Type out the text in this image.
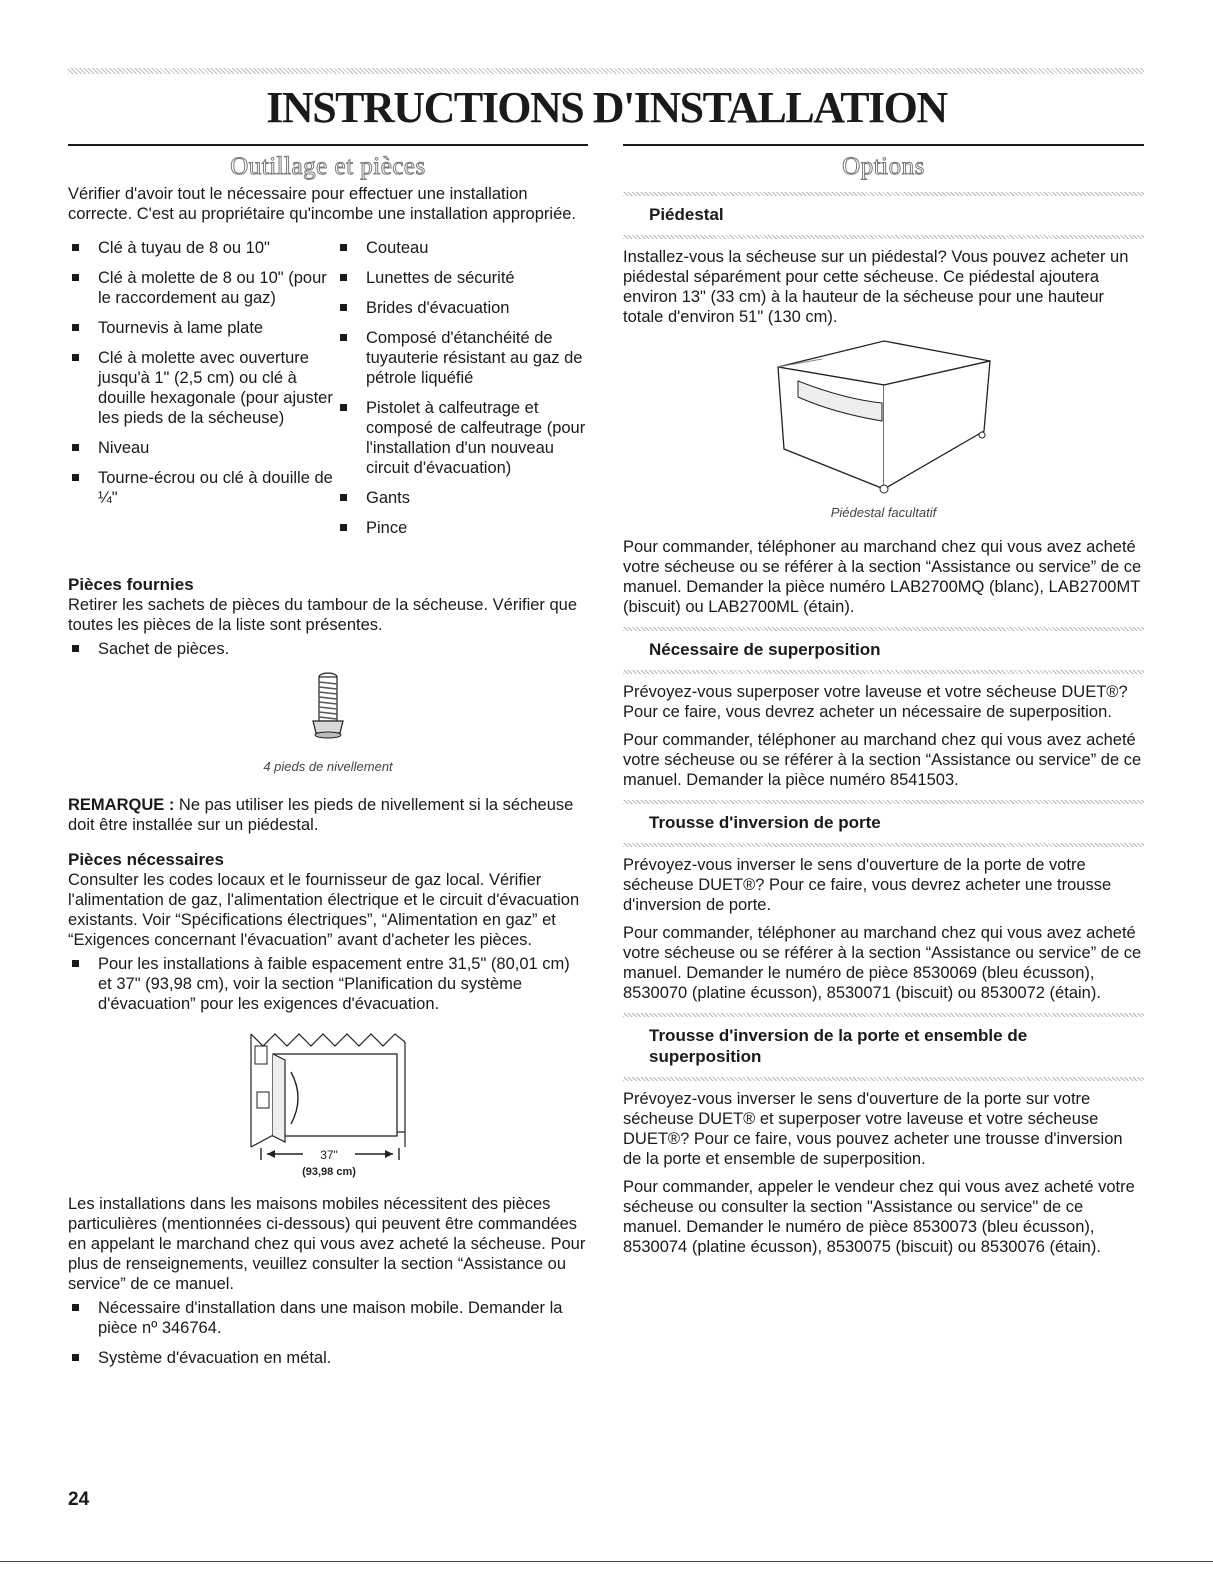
INSTRUCTIONS D'INSTALLATION
Outillage et pièces

Vérifier d'avoir tout le nécessaire pour effectuer une installation correcte. C'est au propriétaire qu'incombe une installation appropriée.

Clé à tuyau de 8 ou 10"
Clé à molette de 8 ou 10" (pour le raccordement au gaz)
Tournevis à lame plate
Clé à molette avec ouverture jusqu'à 1" (2,5 cm) ou clé à douille hexagonale (pour ajuster les pieds de la sécheuse)
Niveau
Tourne-écrou ou clé à douille de ¼"
Couteau
Lunettes de sécurité
Brides d'évacuation
Composé d'étanchéité de tuyauterie résistant au gaz de pétrole liquéfié
Pistolet à calfeutrage et composé de calfeutrage (pour l'installation d'un nouveau circuit d'évacuation)
Gants
Pince
Pièces fournies

Retirer les sachets de pièces du tambour de la sécheuse. Vérifier que toutes les pièces de la liste sont présentes.

Sachet de pièces.

4 pieds de nivellement

REMARQUE : Ne pas utiliser les pieds de nivellement si la sécheuse doit être installée sur un piédestal.

Pièces nécessaires

Consulter les codes locaux et le fournisseur de gaz local. Vérifier l'alimentation de gaz, l'alimentation électrique et le circuit d'évacuation existants. Voir “Spécifications électriques”, “Alimentation en gaz” et “Exigences concernant l'évacuation” avant d'acheter les pièces.

Pour les installations à faible espacement entre 31,5" (80,01 cm) et 37" (93,98 cm), voir la section “Planification du système d'évacuation” pour les exigences d'évacuation.
37"
(93,98 cm)

Les installations dans les maisons mobiles nécessitent des pièces particulières (mentionnées ci-dessous) qui peuvent être commandées en appelant le marchand chez qui vous avez acheté la sécheuse. Pour plus de renseignements, veuillez consulter la section “Assistance ou service” de ce manuel.

Nécessaire d'installation dans une maison mobile. Demander la pièce nº 346764.
Système d'évacuation en métal.
Options
Piédestal

Installez-vous la sécheuse sur un piédestal? Vous pouvez acheter un piédestal séparément pour cette sécheuse. Ce piédestal ajoutera environ 13" (33 cm) à la hauteur de la sécheuse pour une hauteur totale d'environ 51" (130 cm).

Piédestal facultatif

Pour commander, téléphoner au marchand chez qui vous avez acheté votre sécheuse ou se référer à la section “Assistance ou service” de ce manuel. Demander la pièce numéro LAB2700MQ (blanc), LAB2700MT (biscuit) ou LAB2700ML (étain).

Nécessaire de superposition

Prévoyez-vous superposer votre laveuse et votre sécheuse DUET®? Pour ce faire, vous devrez acheter un nécessaire de superposition.

Pour commander, téléphoner au marchand chez qui vous avez acheté votre sécheuse ou se référer à la section “Assistance ou service” de ce manuel. Demander la pièce numéro 8541503.

Trousse d'inversion de porte

Prévoyez-vous inverser le sens d'ouverture de la porte de votre sécheuse DUET®? Pour ce faire, vous devrez acheter une trousse d'inversion de porte.

Pour commander, téléphoner au marchand chez qui vous avez acheté votre sécheuse ou se référer à la section “Assistance ou service” de ce manuel. Demander le numéro de pièce 8530069 (bleu écusson), 8530070 (platine écusson), 8530071 (biscuit) ou 8530072 (étain).

Trousse d'inversion de la porte et ensemble de superposition

Prévoyez-vous inverser le sens d'ouverture de la porte sur votre sécheuse DUET® et superposer votre laveuse et votre sécheuse DUET®? Pour ce faire, vous pouvez acheter une trousse d'inversion de la porte et ensemble de superposition.

Pour commander, appeler le vendeur chez qui vous avez acheté votre sécheuse ou consulter la section "Assistance ou service" de ce manuel. Demander le numéro de pièce 8530073 (bleu écusson), 8530074 (platine écusson), 8530075 (biscuit) ou 8530076 (étain).

24
